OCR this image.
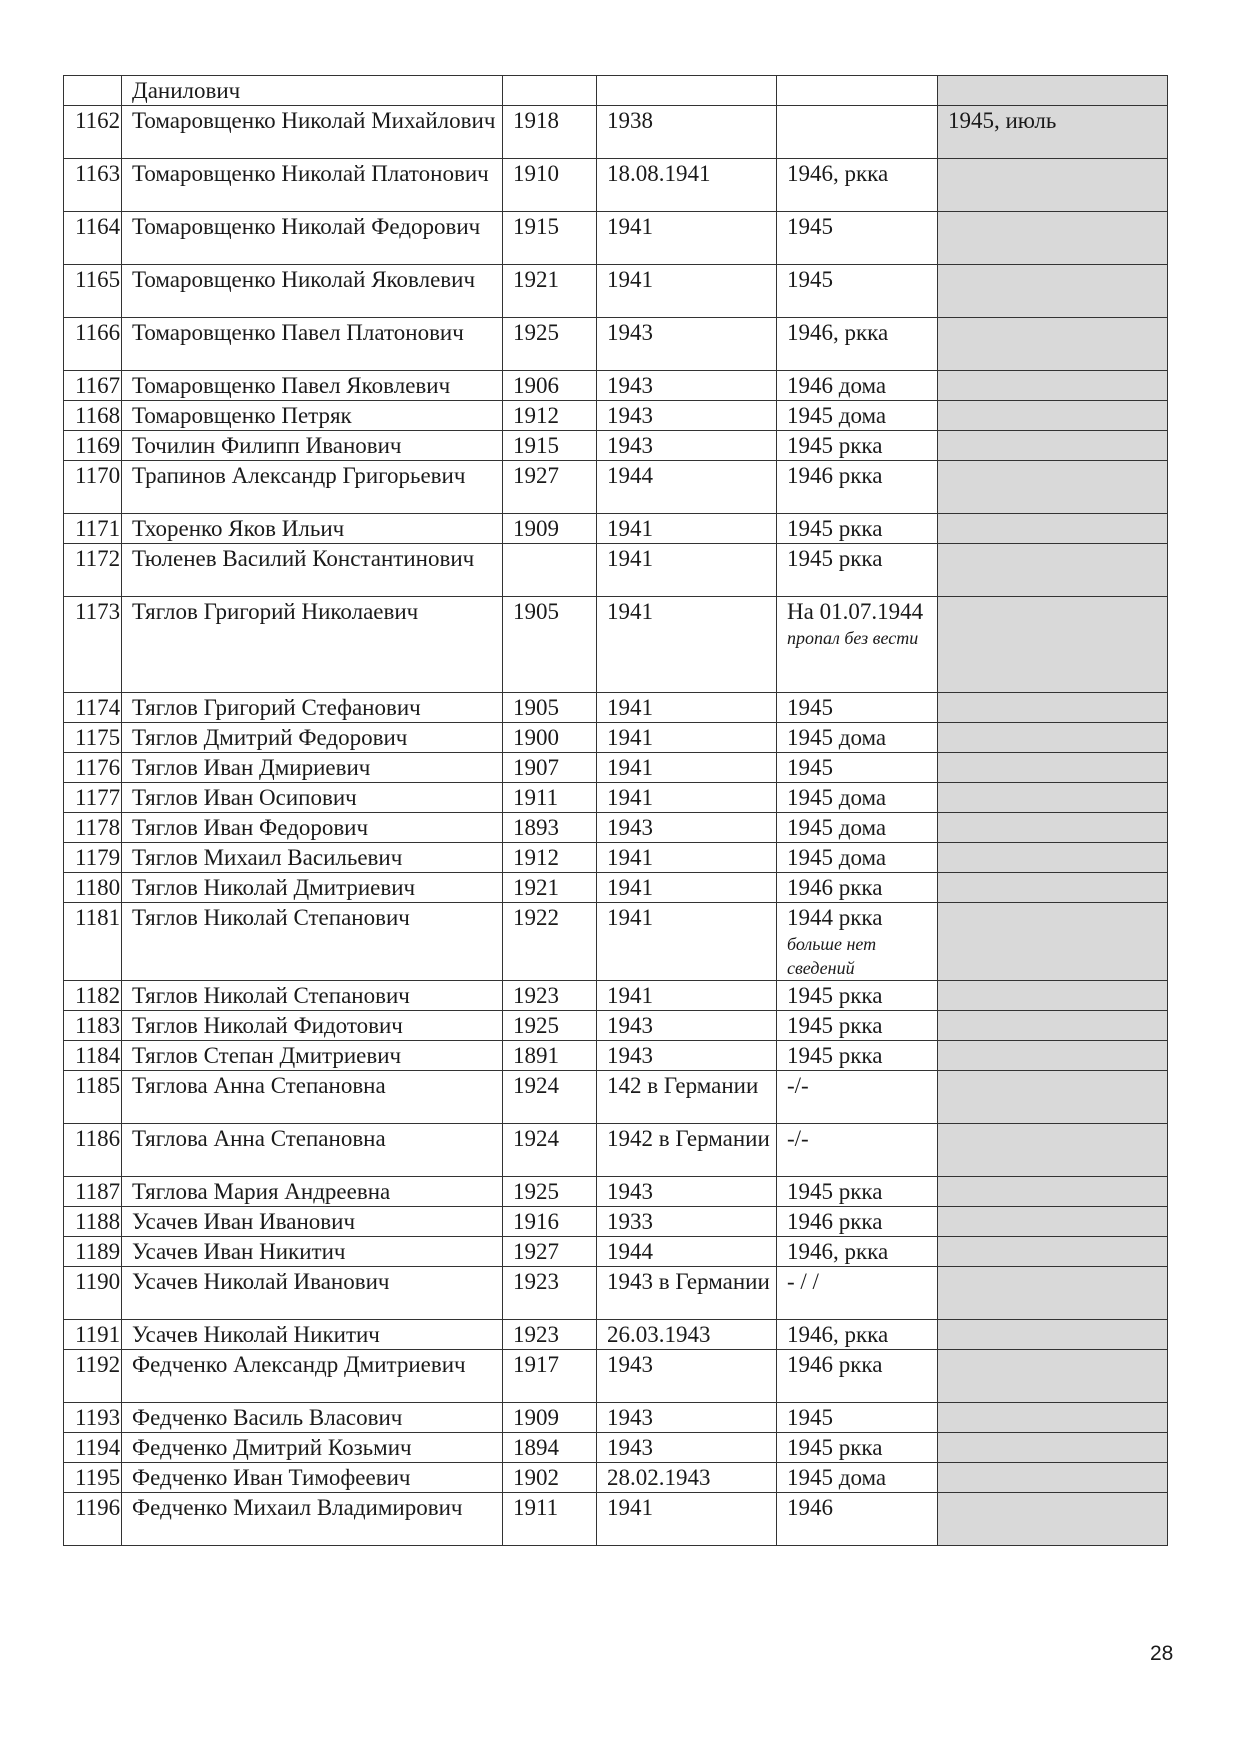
	Данилович				
1162	Томаровщенко Николай Михайлович	1918	1938		1945, июль
1163	Томаровщенко Николай Платонович	1910	18.08.1941	1946, ркка	
1164	Томаровщенко Николай Федорович	1915	1941	1945	
1165	Томаровщенко Николай Яковлевич	1921	1941	1945	
1166	Томаровщенко Павел Платонович	1925	1943	1946, ркка	
1167	Томаровщенко Павел Яковлевич	1906	1943	1946 дома	
1168	Томаровщенко Петряк	1912	1943	1945 дома	
1169	Точилин Филипп Иванович	1915	1943	1945 ркка	
1170	Трапинов Александр Григорьевич	1927	1944	1946 ркка	
1171	Тхоренко Яков Ильич	1909	1941	1945 ркка	
1172	Тюленев Василий Константинович		1941	1945 ркка	
1173	Тяглов Григорий Николаевич	1905	1941	На 01.07.1944
пропал без вести	

1174	Тяглов Григорий Стефанович	1905	1941	1945	
1175	Тяглов Дмитрий Федорович	1900	1941	1945 дома	
1176	Тяглов Иван Дмириевич	1907	1941	1945	
1177	Тяглов Иван Осипович	1911	1941	1945 дома	
1178	Тяглов Иван Федорович	1893	1943	1945 дома	
1179	Тяглов Михаил Васильевич	1912	1941	1945 дома	
1180	Тяглов Николай Дмитриевич	1921	1941	1946 ркка	
1181	Тяглов Николай Степанович	1922	1941	1944 ркка
больше нет сведений	

1182	Тяглов Николай Степанович	1923	1941	1945 ркка	
1183	Тяглов Николай Фидотович	1925	1943	1945 ркка	
1184	Тяглов Степан Дмитриевич	1891	1943	1945 ркка	
1185	Тяглова Анна Степановна	1924	142 в Германии	-/-	
1186	Тяглова Анна Степановна	1924	1942 в Германии	-/-	
1187	Тяглова Мария Андреевна	1925	1943	1945 ркка	
1188	Усачев Иван Иванович	1916	1933	1946 ркка	
1189	Усачев Иван Никитич	1927	1944	1946, ркка	
1190	Усачев Николай Иванович	1923	1943 в Германии	- / /	
1191	Усачев Николай Никитич	1923	26.03.1943	1946, ркка	
1192	Федченко Александр Дмитриевич	1917	1943	1946 ркка	
1193	Федченко Василь Власович	1909	1943	1945	
1194	Федченко Дмитрий Козьмич	1894	1943	1945 ркка	
1195	Федченко Иван Тимофеевич	1902	28.02.1943	1945 дома	
1196	Федченко Михаил Владимирович	1911	1941	1946	
28
